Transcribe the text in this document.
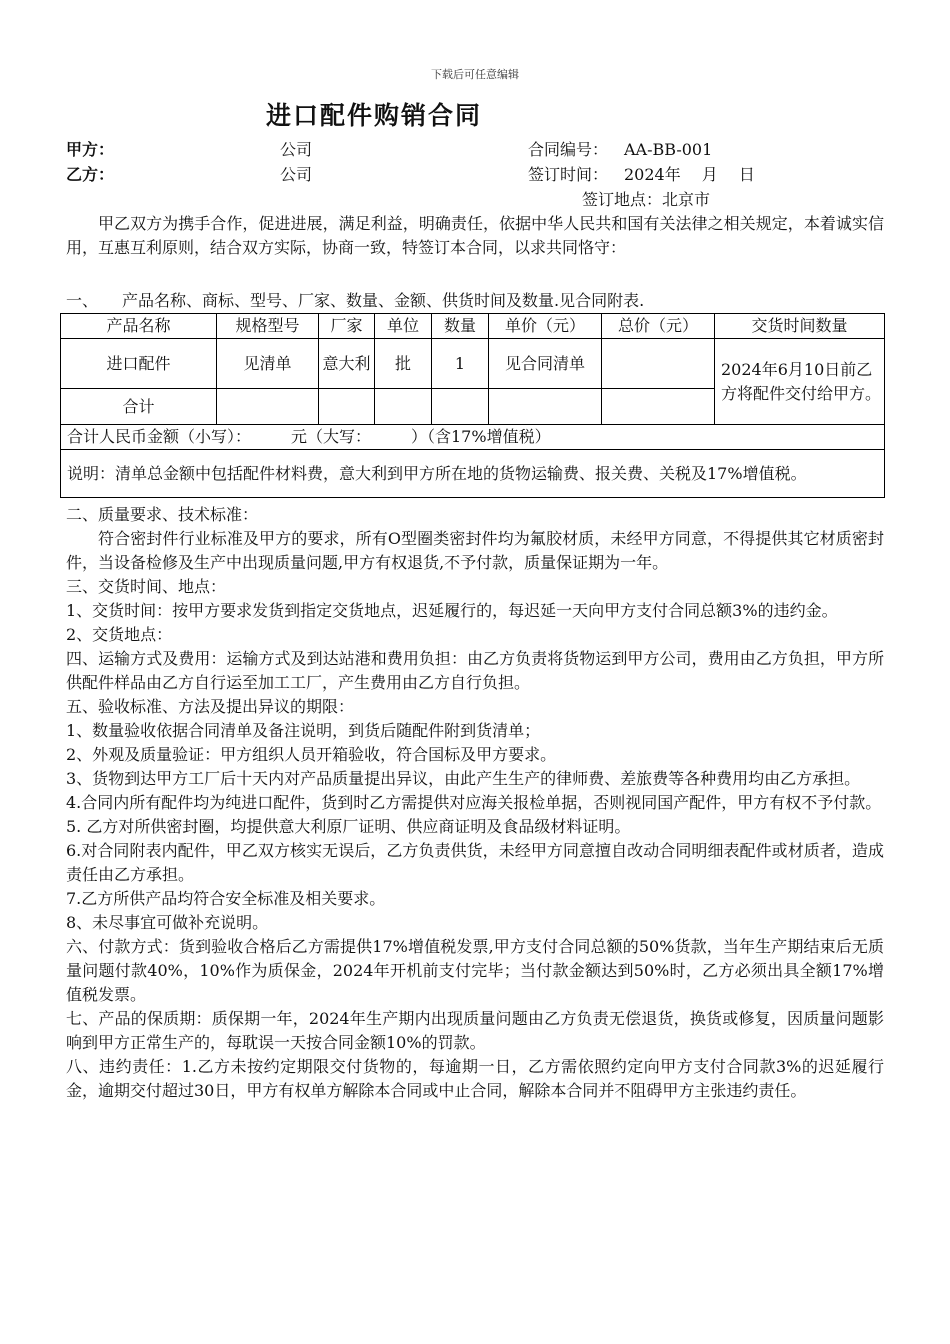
下载后可任意编辑
进口配件购销合同
甲方：	公司	合同编号： AA-BB-001
乙方：	公司	签订时间： 2024年　 月 　日
签订地点：北京市
甲乙双方为携手合作，促进进展，满足利益，明确责任，依据中华人民共和国有关法律之相关规定，本着诚实信用，互惠互利原则，结合双方实际，协商一致，特签订本合同，以求共同恪守：
一、　　产品名称、商标、型号、厂家、数量、金额、供货时间及数量.见合同附表.
产品名称	规格型号	厂家	单位	数量	单价（元）	总价（元）	交货时间数量
进口配件	见清单	意大利	批	1	见合同清单		2024年6月10日前乙方将配件交付给甲方。
合计							
合计人民币金额（小写）：　　　元（大写：　　　）（含17%增值税）							
说明：清单总金额中包括配件材料费，意大利到甲方所在地的货物运输费、报关费、关税及17%增值税。							

二、质量要求、技术标准：

符合密封件行业标准及甲方的要求，所有O型圈类密封件均为氟胶材质，未经甲方同意，不得提供其它材质密封件，当设备检修及生产中出现质量问题,甲方有权退货,不予付款，质量保证期为一年。

三、交货时间、地点：

1、交货时间：按甲方要求发货到指定交货地点，迟延履行的，每迟延一天向甲方支付合同总额3%的违约金。

2、交货地点：

四、运输方式及费用：运输方式及到达站港和费用负担：由乙方负责将货物运到甲方公司，费用由乙方负担，甲方所供配件样品由乙方自行运至加工工厂，产生费用由乙方自行负担。

五、验收标准、方法及提出异议的期限：

1、数量验收依据合同清单及备注说明，到货后随配件附到货清单；

2、外观及质量验证：甲方组织人员开箱验收，符合国标及甲方要求。

3、货物到达甲方工厂后十天内对产品质量提出异议，由此产生生产的律师费、差旅费等各种费用均由乙方承担。

4.合同内所有配件均为纯进口配件，货到时乙方需提供对应海关报检单据，否则视同国产配件，甲方有权不予付款。

5. 乙方对所供密封圈，均提供意大利原厂证明、供应商证明及食品级材料证明。

6.对合同附表内配件，甲乙双方核实无误后，乙方负责供货，未经甲方同意擅自改动合同明细表配件或材质者，造成责任由乙方承担。

7.乙方所供产品均符合安全标准及相关要求。

8、未尽事宜可做补充说明。

六、付款方式：货到验收合格后乙方需提供17%增值税发票,甲方支付合同总额的50%货款，当年生产期结束后无质量问题付款40%，10%作为质保金，2024年开机前支付完毕；当付款金额达到50%时，乙方必须出具全额17%增值税发票。

七、产品的保质期：质保期一年，2024年生产期内出现质量问题由乙方负责无偿退货，换货或修复，因质量问题影响到甲方正常生产的，每耽误一天按合同金额10%的罚款。

八、违约责任：1.乙方未按约定期限交付货物的，每逾期一日，乙方需依照约定向甲方支付合同款3%的迟延履行金，逾期交付超过30日，甲方有权单方解除本合同或中止合同，解除本合同并不阻碍甲方主张违约责任。
